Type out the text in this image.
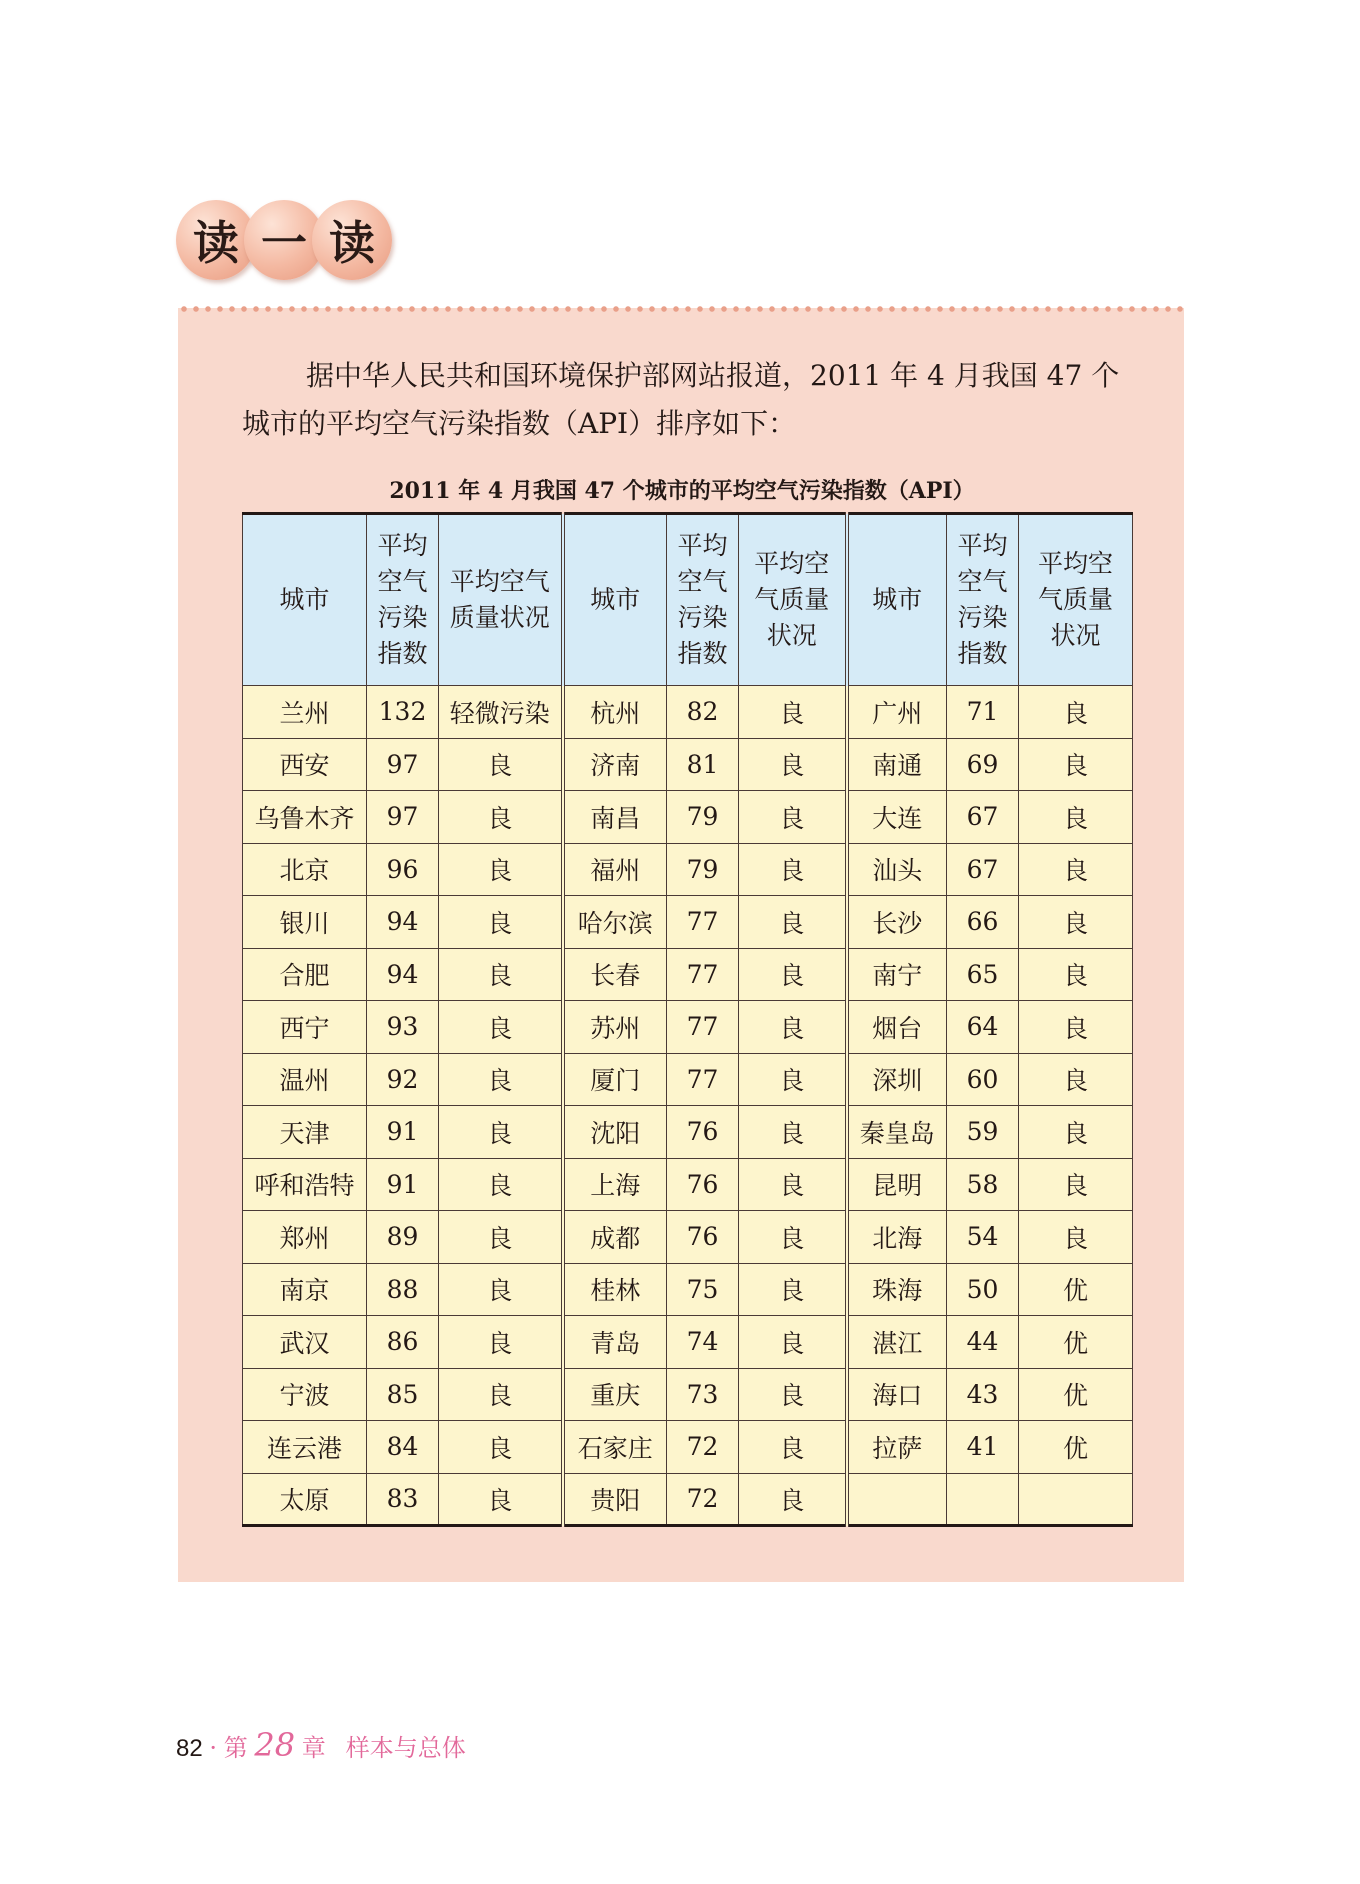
读 一 读

据中华人民共和国环境保护部网站报道，2011 年 4 月我国 47 个城市的平均空气污染指数（API）排序如下：

2011 年 4 月我国 47 个城市的平均空气污染指数（API）
城市	平均空气污染指数	平均空气质量状况	城市	平均空气污染指数	平均空气质量状况	城市	平均空气污染指数	平均空气质量状况

兰州	132	轻微污染	杭州	82	良	广州	71	良
西安	97	良	济南	81	良	南通	69	良
乌鲁木齐	97	良	南昌	79	良	大连	67	良
北京	96	良	福州	79	良	汕头	67	良
银川	94	良	哈尔滨	77	良	长沙	66	良
合肥	94	良	长春	77	良	南宁	65	良
西宁	93	良	苏州	77	良	烟台	64	良
温州	92	良	厦门	77	良	深圳	60	良
天津	91	良	沈阳	76	良	秦皇岛	59	良
呼和浩特	91	良	上海	76	良	昆明	58	良
郑州	89	良	成都	76	良	北海	54	良
南京	88	良	桂林	75	良	珠海	50	优
武汉	86	良	青岛	74	良	湛江	44	优
宁波	85	良	重庆	73	良	海口	43	优
连云港	84	良	石家庄	72	良	拉萨	41	优
太原	83	良	贵阳	72	良			
82 · 第 28 章 样本与总体
